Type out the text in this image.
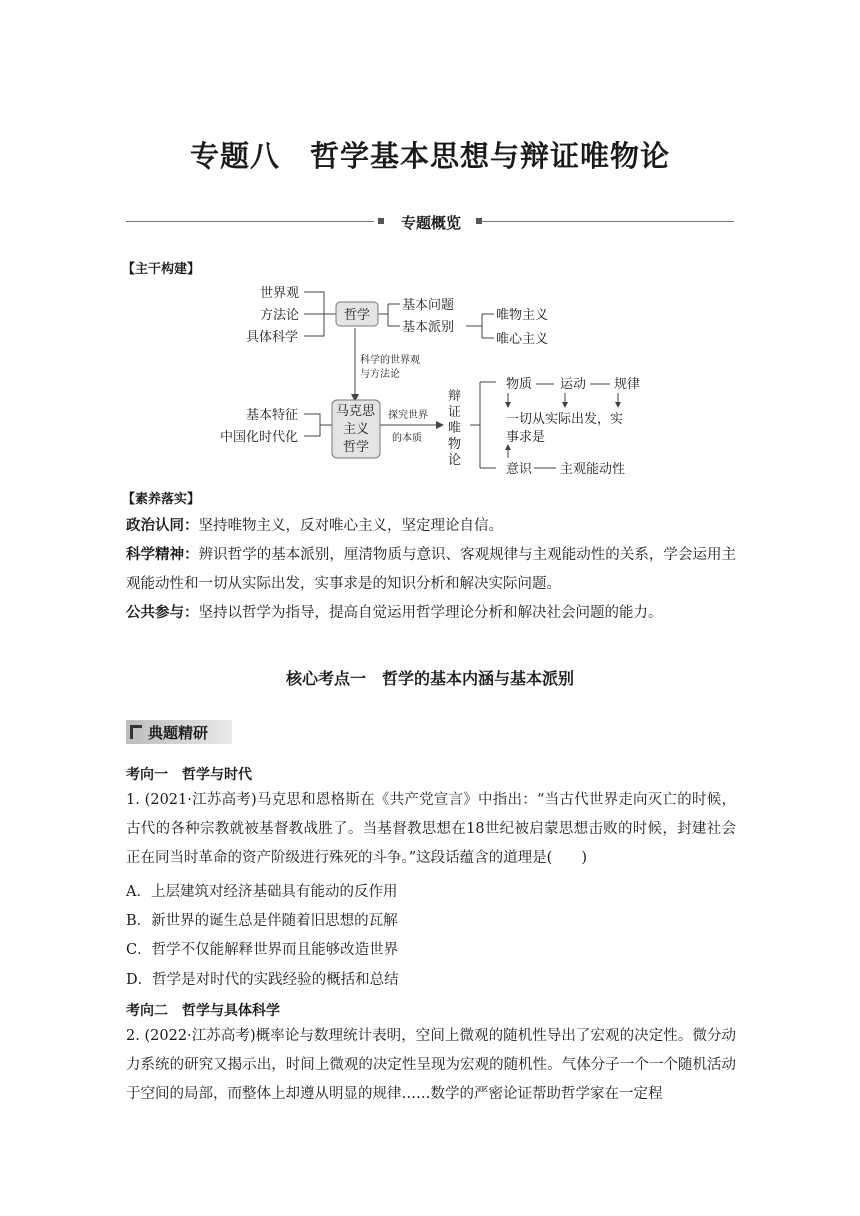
专题八　哲学基本思想与辩证唯物论
专题概览
【主干构建】
世界观
方法论
具体科学
哲学
基本问题
基本派别
唯物主义
唯心主义
科学的世界观
与方法论
基本特征
中国化时代化
马克思
主义
哲学
探究世界
的本质
辩
证
唯
物
论
物质 运动 规律
一切从实际出发，实
事求是
意识 主观能动性
【素养落实】
政治认同：坚持唯物主义，反对唯心主义，坚定理论自信。
科学精神：辨识哲学的基本派别，厘清物质与意识、客观规律与主观能动性的关系，学会运用主观能动性和一切从实际出发，实事求是的知识分析和解决实际问题。
公共参与：坚持以哲学为指导，提高自觉运用哲学理论分析和解决社会问题的能力。
核心考点一　哲学的基本内涵与基本派别
典题精研
考向一　哲学与时代
1. (2021·江苏高考)马克思和恩格斯在《共产党宣言》中指出：“当古代世界走向灭亡的时候，古代的各种宗教就被基督教战胜了。当基督教思想在18世纪被启蒙思想击败的时候，封建社会正在同当时革命的资产阶级进行殊死的斗争。”这段话蕴含的道理是(　　)
A．上层建筑对经济基础具有能动的反作用
B．新世界的诞生总是伴随着旧思想的瓦解
C．哲学不仅能解释世界而且能够改造世界
D．哲学是对时代的实践经验的概括和总结
考向二　哲学与具体科学
2. (2022·江苏高考)概率论与数理统计表明，空间上微观的随机性导出了宏观的决定性。微分动力系统的研究又揭示出，时间上微观的决定性呈现为宏观的随机性。气体分子一个一个随机活动于空间的局部，而整体上却遵从明显的规律……数学的严密论证帮助哲学家在一定程
